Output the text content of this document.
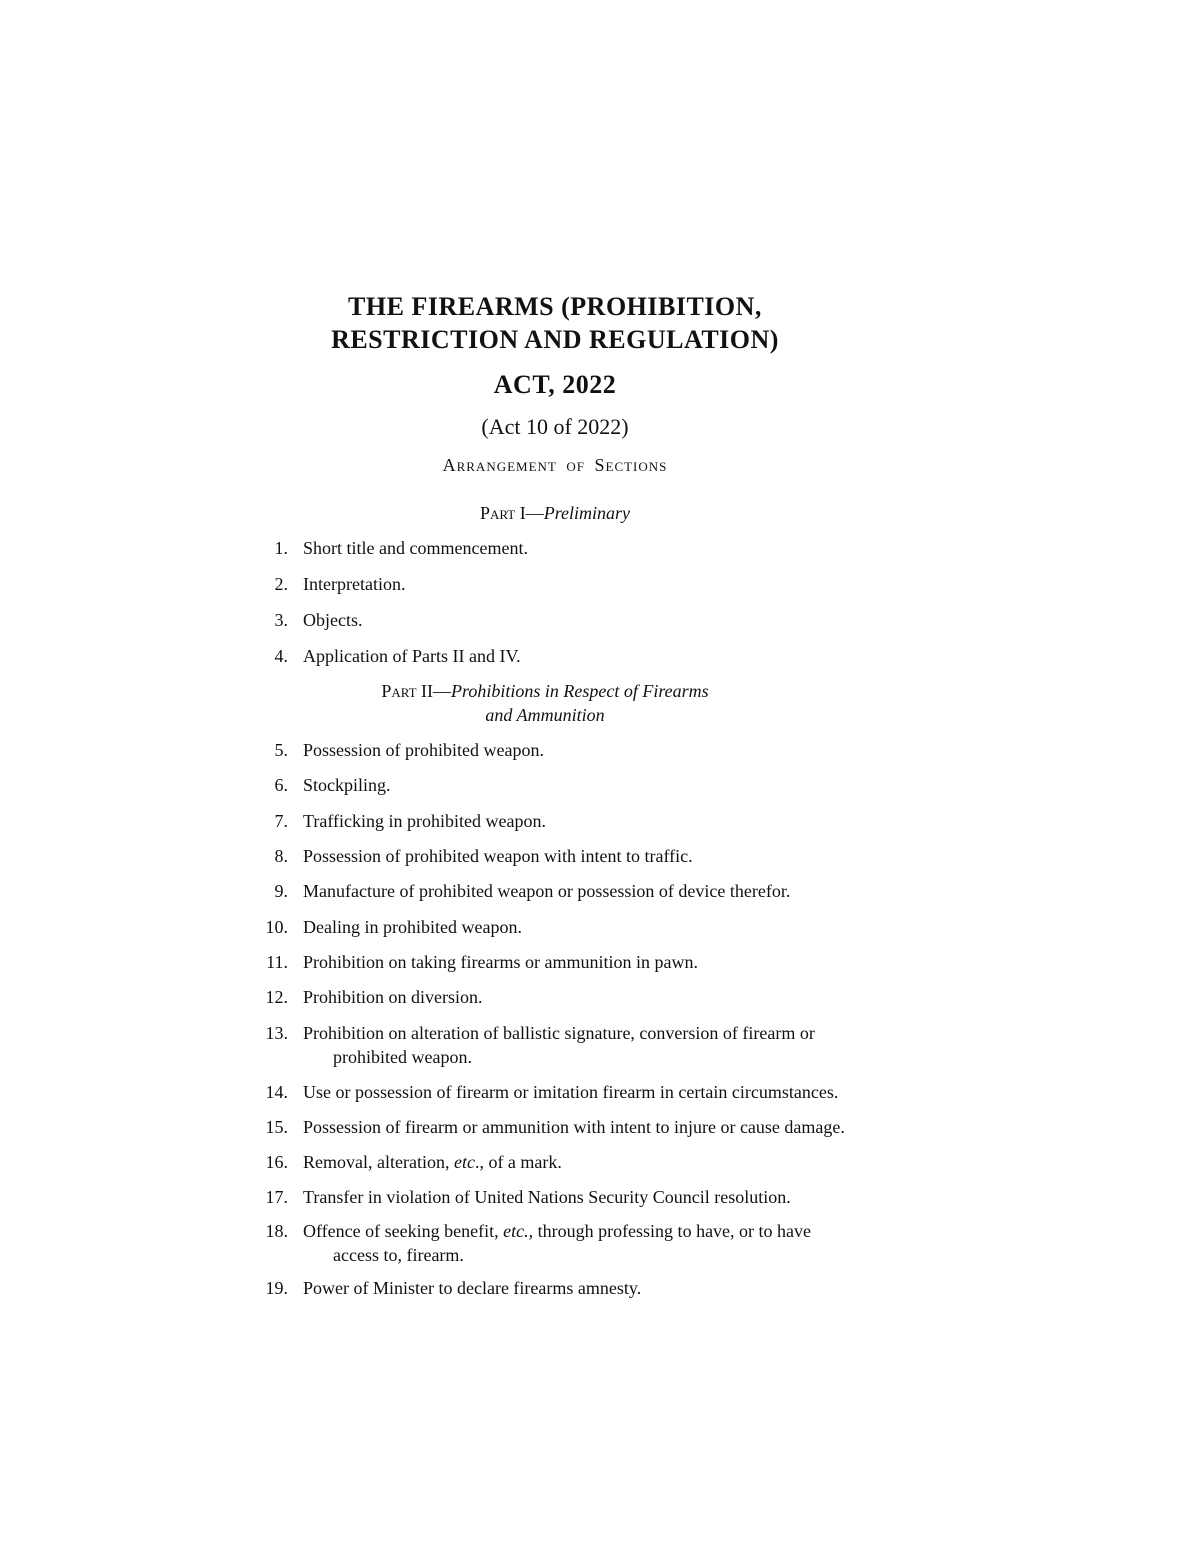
THE FIREARMS (PROHIBITION,
RESTRICTION AND REGULATION)
ACT, 2022
(Act 10 of 2022)
Arrangement of Sections
Part I—Preliminary
1. Short title and commencement.
2. Interpretation.
3. Objects.
4. Application of Parts II and IV.
Part II—Prohibitions in Respect of Firearms
and Ammunition
5. Possession of prohibited weapon.
6. Stockpiling.
7. Trafficking in prohibited weapon.
8. Possession of prohibited weapon with intent to traffic.
9. Manufacture of prohibited weapon or possession of device therefor.
10. Dealing in prohibited weapon.
11. Prohibition on taking firearms or ammunition in pawn.
12. Prohibition on diversion.
13. Prohibition on alteration of ballistic signature, conversion of firearm or
prohibited weapon.
14. Use or possession of firearm or imitation firearm in certain circumstances.
15. Possession of firearm or ammunition with intent to injure or cause damage.
16. Removal, alteration, etc., of a mark.
17. Transfer in violation of United Nations Security Council resolution.
18. Offence of seeking benefit, etc., through professing to have, or to have
access to, firearm.
19. Power of Minister to declare firearms amnesty.
